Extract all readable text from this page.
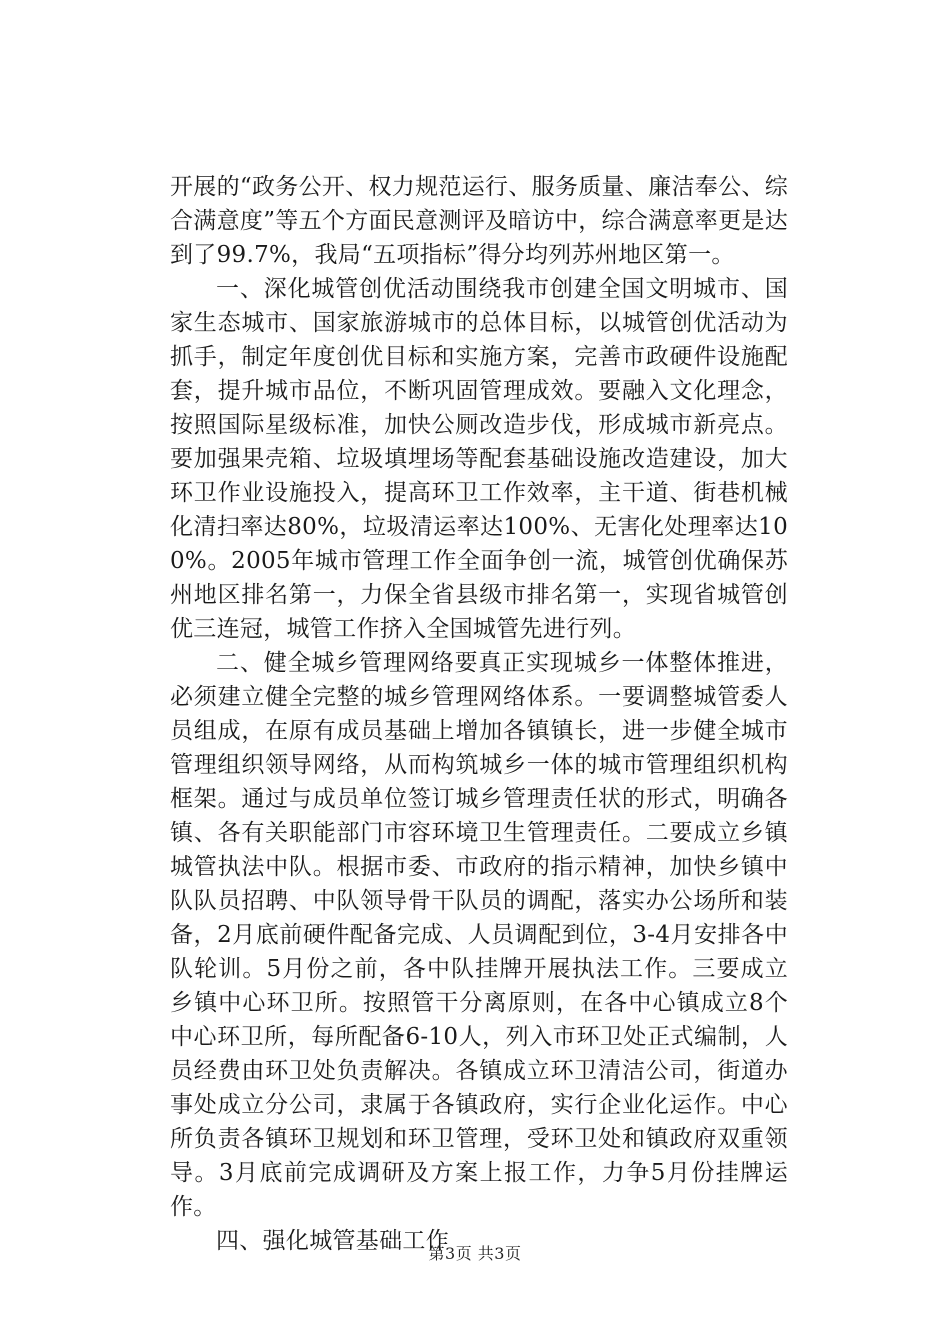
开展的“政务公开、权力规范运行、服务质量、廉洁奉公、综合满意度”等五个方面民意测评及暗访中，综合满意率更是达到了99.7%，我局“五项指标”得分均列苏州地区第一。

一、深化城管创优活动围绕我市创建全国文明城市、国家生态城市、国家旅游城市的总体目标，以城管创优活动为抓手，制定年度创优目标和实施方案，完善市政硬件设施配套，提升城市品位，不断巩固管理成效。要融入文化理念，按照国际星级标准，加快公厕改造步伐，形成城市新亮点。要加强果壳箱、垃圾填埋场等配套基础设施改造建设，加大环卫作业设施投入，提高环卫工作效率，主干道、街巷机械化清扫率达80%，垃圾清运率达100%、无害化处理率达100%。2005年城市管理工作全面争创一流，城管创优确保苏州地区排名第一，力保全省县级市排名第一，实现省城管创优三连冠，城管工作挤入全国城管先进行列。

二、健全城乡管理网络要真正实现城乡一体整体推进，必须建立健全完整的城乡管理网络体系。一要调整城管委人员组成，在原有成员基础上增加各镇镇长，进一步健全城市管理组织领导网络，从而构筑城乡一体的城市管理组织机构框架。通过与成员单位签订城乡管理责任状的形式，明确各镇、各有关职能部门市容环境卫生管理责任。二要成立乡镇城管执法中队。根据市委、市政府的指示精神，加快乡镇中队队员招聘、中队领导骨干队员的调配，落实办公场所和装备，2月底前硬件配备完成、人员调配到位，3-4月安排各中队轮训。5月份之前，各中队挂牌开展执法工作。三要成立乡镇中心环卫所。按照管干分离原则，在各中心镇成立8个中心环卫所，每所配备6-10人，列入市环卫处正式编制，人员经费由环卫处负责解决。各镇成立环卫清洁公司，街道办事处成立分公司，隶属于各镇政府，实行企业化运作。中心所负责各镇环卫规划和环卫管理，受环卫处和镇政府双重领导。3月底前完成调研及方案上报工作，力争5月份挂牌运作。

四、强化城管基础工作

第3页 共3页
